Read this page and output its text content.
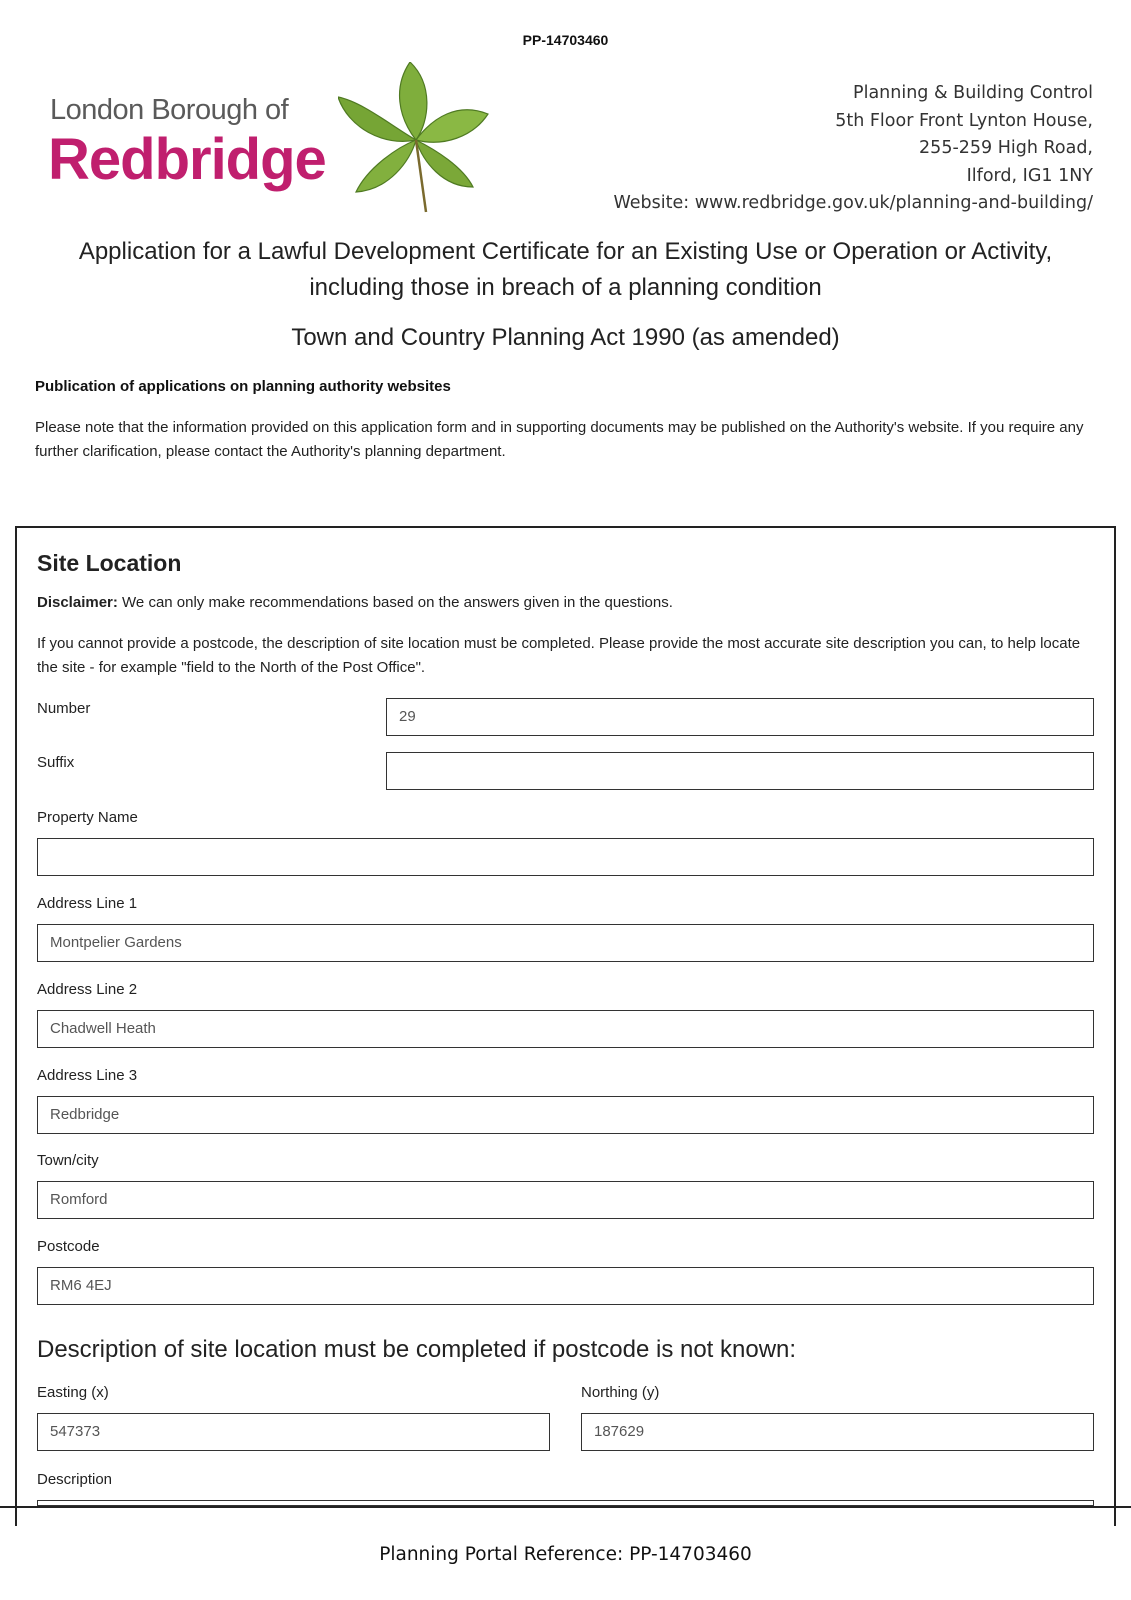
PP-14703460
London Borough of
Redbridge
Planning & Building Control
5th Floor Front Lynton House,
255-259 High Road,
Ilford, IG1 1NY
Website: www.redbridge.gov.uk/planning-and-building/
Application for a Lawful Development Certificate for an Existing Use or Operation or Activity,
including those in breach of a planning condition
Town and Country Planning Act 1990 (as amended)
Publication of applications on planning authority websites
Please note that the information provided on this application form and in supporting documents may be published on the Authority's website. If you require any further clarification, please contact the Authority's planning department.
Site Location
Disclaimer: We can only make recommendations based on the answers given in the questions.
If you cannot provide a postcode, the description of site location must be completed. Please provide the most accurate site description you can, to help locate the site - for example "field to the North of the Post Office".
Number	29
Suffix
Property Name
Address Line 1
Montpelier Gardens
Address Line 2
Chadwell Heath
Address Line 3
Redbridge
Town/city
Romford
Postcode
RM6 4EJ
Description of site location must be completed if postcode is not known:
Easting (x)
547373
Northing (y)
187629
Description
Planning Portal Reference: PP-14703460
